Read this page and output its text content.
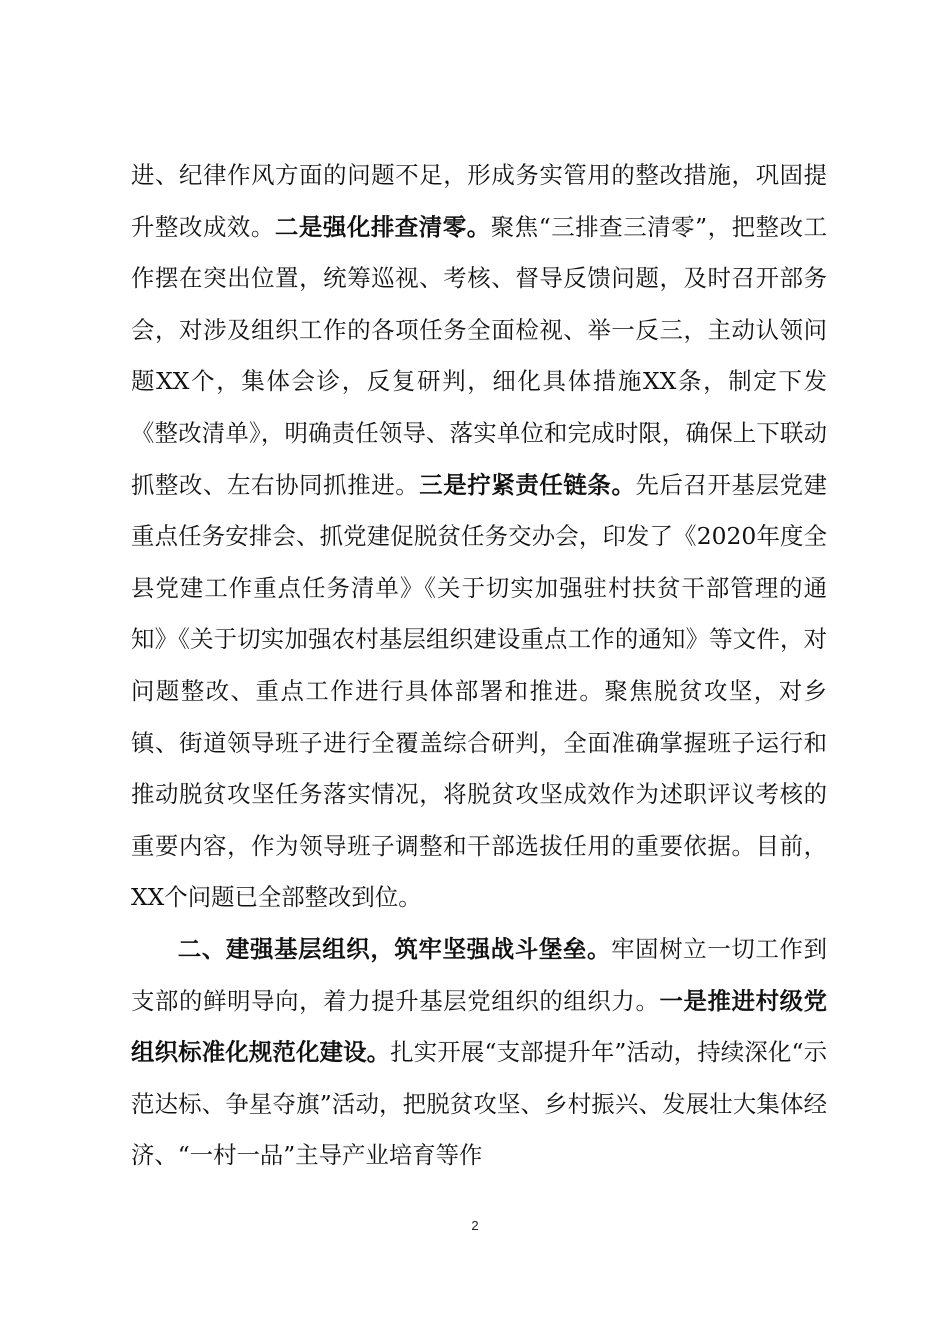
进、纪律作风方面的问题不足，形成务实管用的整改措施，巩固提升整改成效。二是强化排查清零。聚焦“三排查三清零”，把整改工作摆在突出位置，统筹巡视、考核、督导反馈问题，及时召开部务会，对涉及组织工作的各项任务全面检视、举一反三，主动认领问题XX个，集体会诊，反复研判，细化具体措施XX条，制定下发《整改清单》，明确责任领导、落实单位和完成时限，确保上下联动抓整改、左右协同抓推进。三是拧紧责任链条。先后召开基层党建重点任务安排会、抓党建促脱贫任务交办会，印发了《2020年度全县党建工作重点任务清单》《关于切实加强驻村扶贫干部管理的通知》《关于切实加强农村基层组织建设重点工作的通知》等文件，对问题整改、重点工作进行具体部署和推进。聚焦脱贫攻坚，对乡镇、街道领导班子进行全覆盖综合研判，全面准确掌握班子运行和推动脱贫攻坚任务落实情况，将脱贫攻坚成效作为述职评议考核的重要内容，作为领导班子调整和干部选拔任用的重要依据。目前，XX个问题已全部整改到位。

二、建强基层组织，筑牢坚强战斗堡垒。牢固树立一切工作到支部的鲜明导向，着力提升基层党组织的组织力。一是推进村级党组织标准化规范化建设。扎实开展“支部提升年”活动，持续深化“示范达标、争星夺旗”活动，把脱贫攻坚、乡村振兴、发展壮大集体经济、“一村一品”主导产业培育等作

2
